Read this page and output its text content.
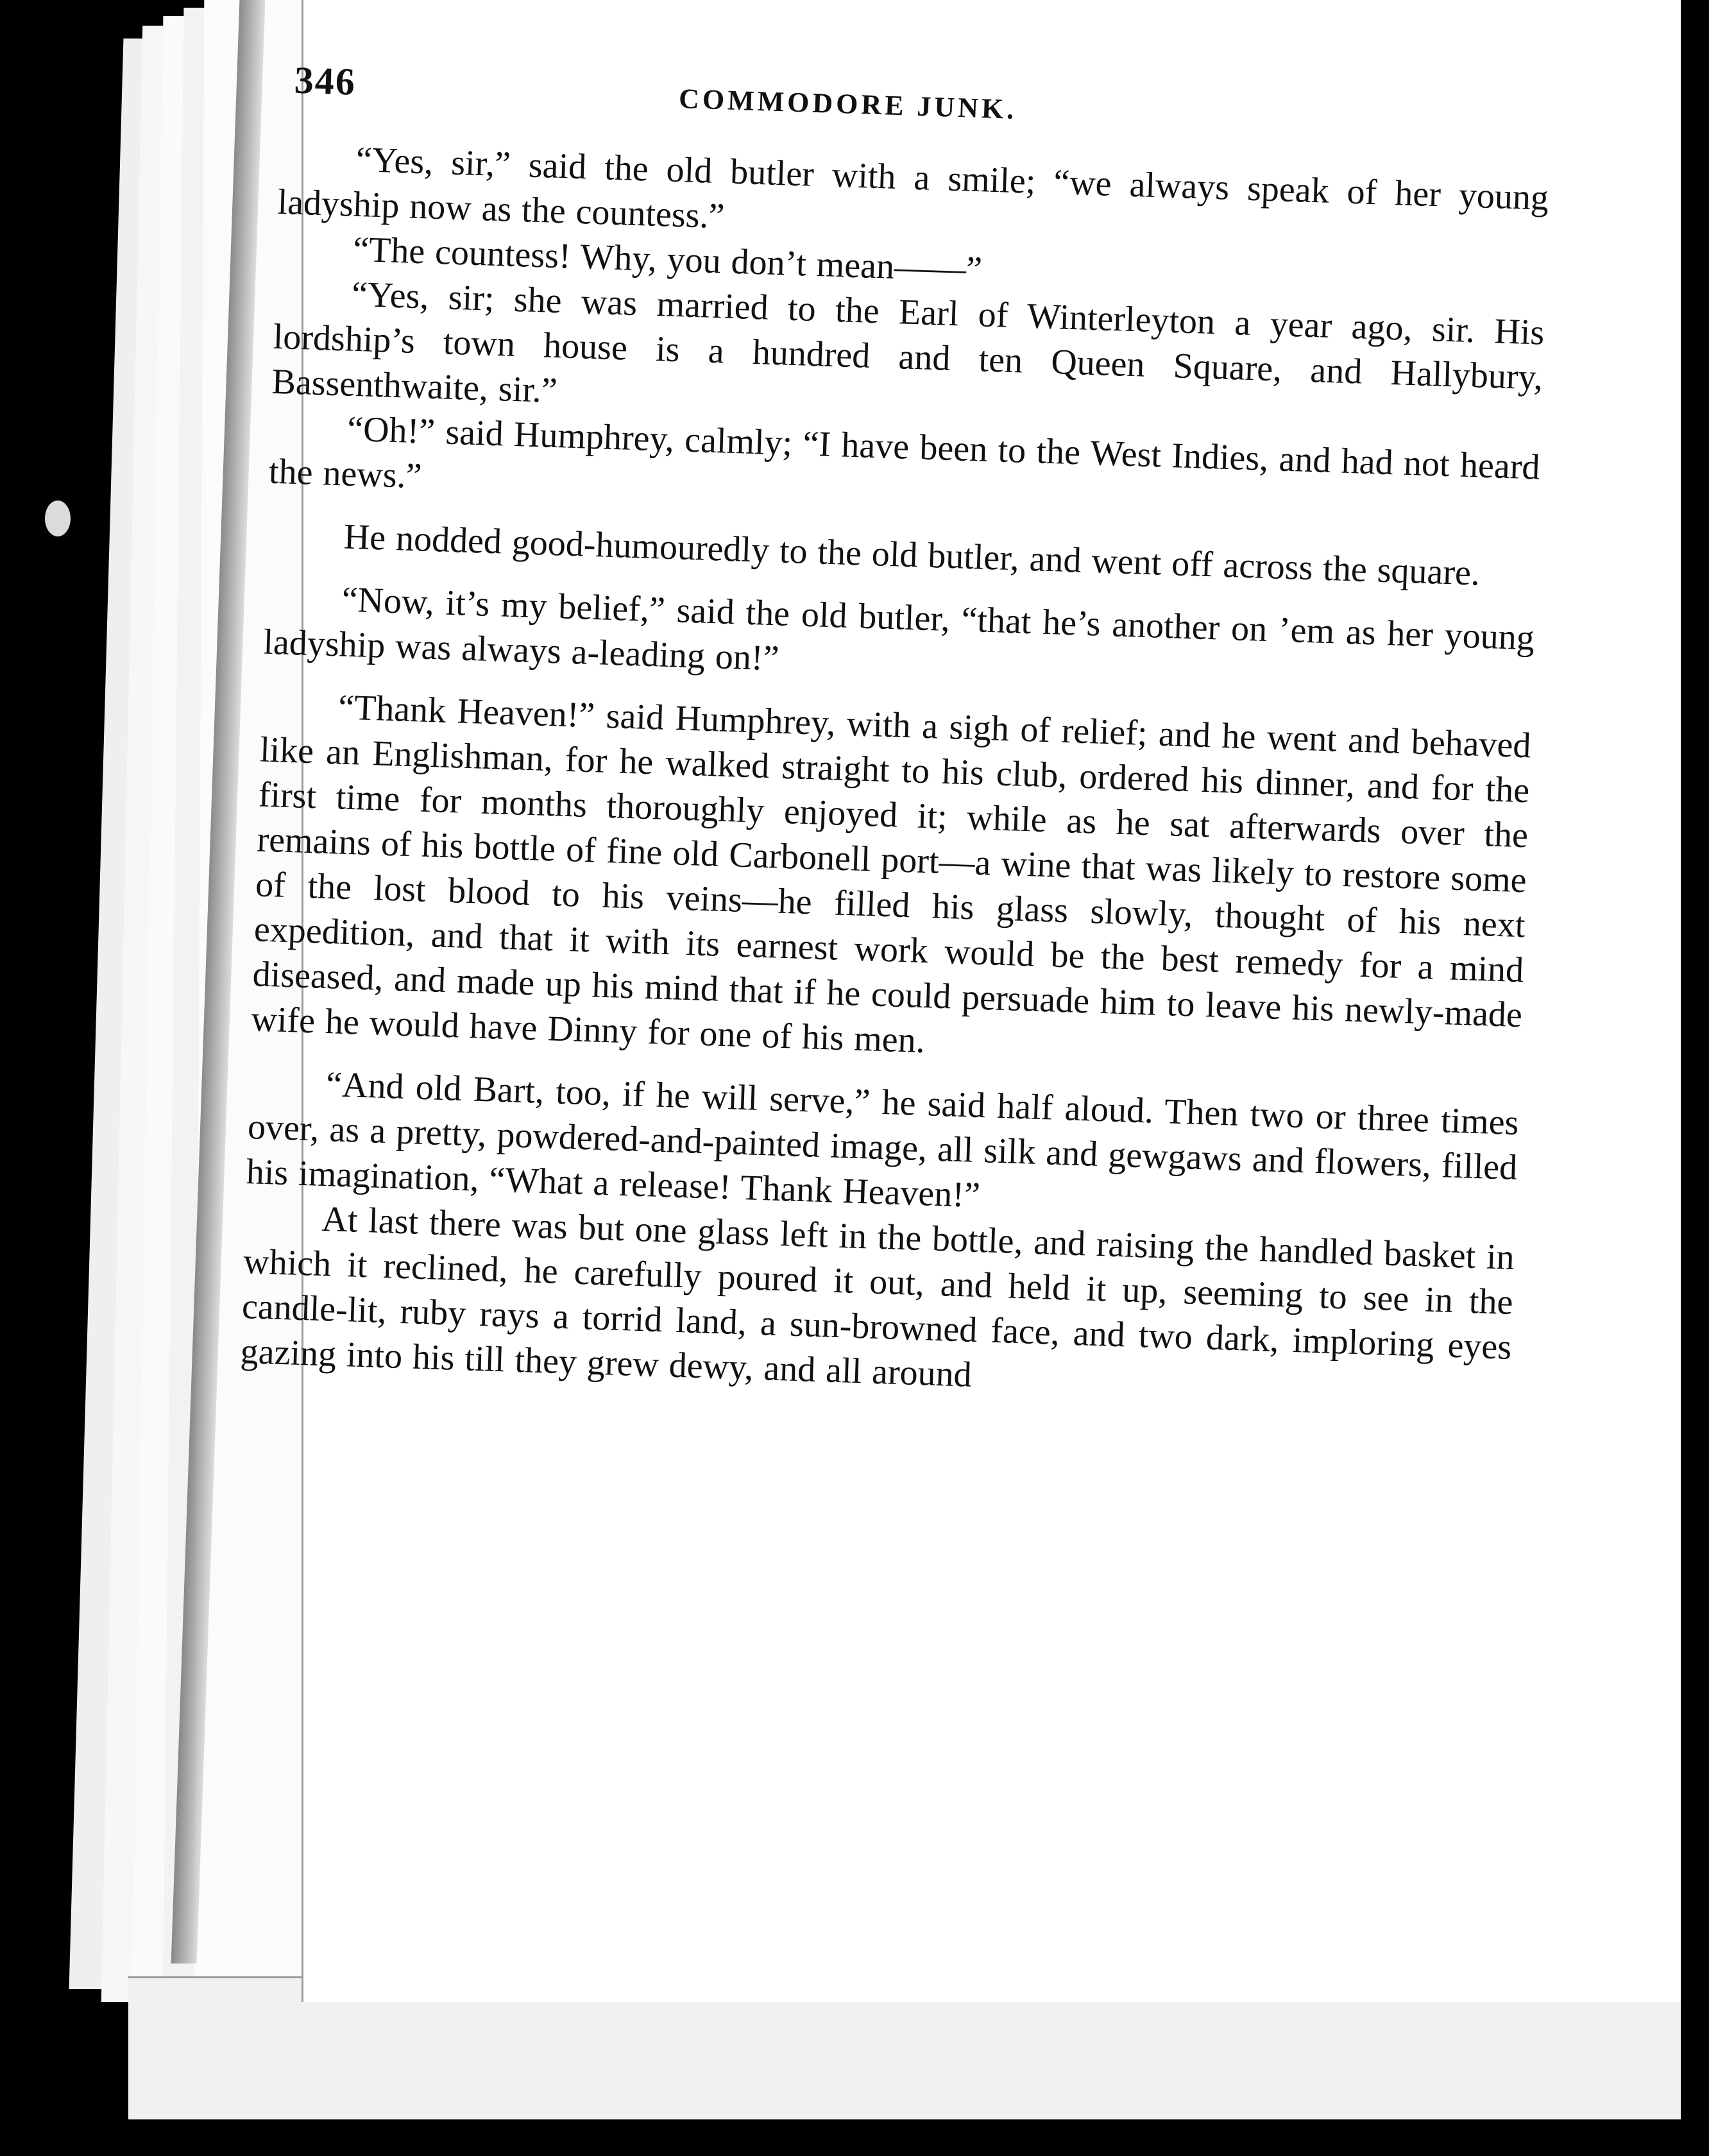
346
COMMODORE JUNK.

“Yes, sir,” said the old butler with a smile; “we always speak of her young ladyship now as the countess.”

“The countess! Why, you don’t mean——”

“Yes, sir; she was married to the Earl of Winterleyton a year ago, sir. His lordship’s town house is a hundred and ten Queen Square, and Hallybury, Bassenthwaite, sir.”

“Oh!” said Humphrey, calmly; “I have been to the West Indies, and had not heard the news.”

He nodded good-humouredly to the old butler, and went off across the square.

“Now, it’s my belief,” said the old butler, “that he’s another on ’em as her young ladyship was always a-leading on!”

“Thank Heaven!” said Humphrey, with a sigh of relief; and he went and behaved like an Englishman, for he walked straight to his club, ordered his dinner, and for the first time for months thoroughly enjoyed it; while as he sat afterwards over the remains of his bottle of fine old Carbonell port—a wine that was likely to restore some of the lost blood to his veins—he filled his glass slowly, thought of his next expedition, and that it with its earnest work would be the best remedy for a mind diseased, and made up his mind that if he could persuade him to leave his newly-made wife he would have Dinny for one of his men.

“And old Bart, too, if he will serve,” he said half aloud. Then two or three times over, as a pretty, powdered-and-painted image, all silk and gewgaws and flowers, filled his imagination, “What a release! Thank Heaven!”

At last there was but one glass left in the bottle, and raising the handled basket in which it reclined, he carefully poured it out, and held it up, seeming to see in the candle-lit, ruby rays a torrid land, a sun-browned face, and two dark, imploring eyes gazing into his till they grew dewy, and all around
